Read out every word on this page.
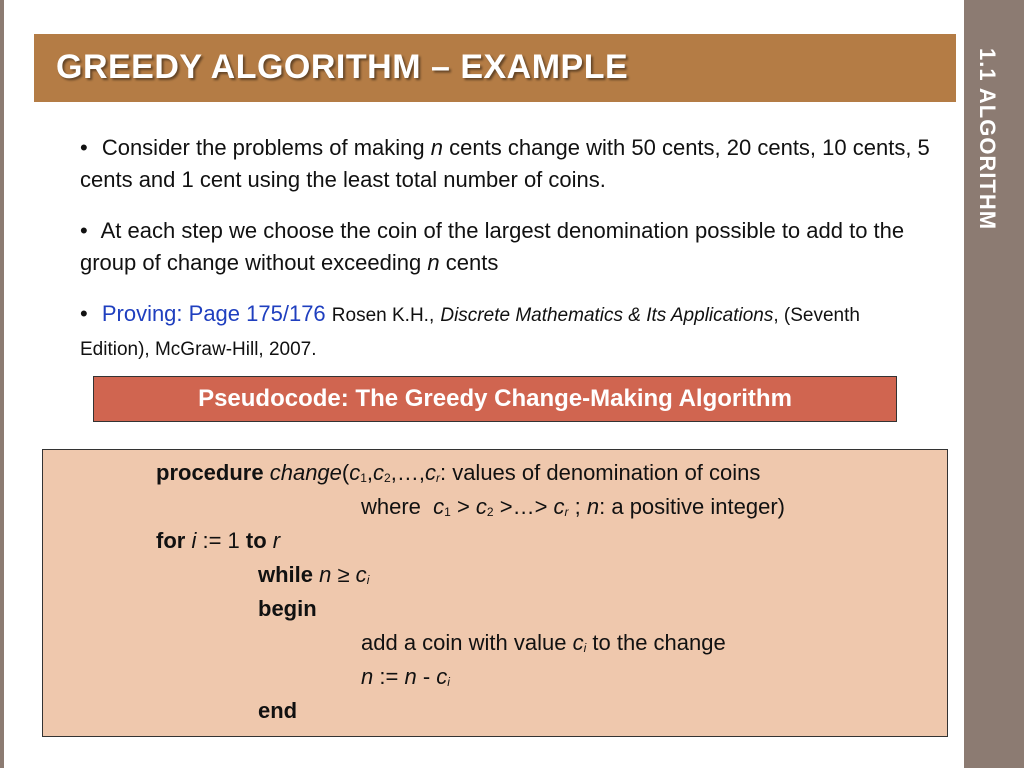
1.1 ALGORITHM
GREEDY ALGORITHM – EXAMPLE

• Consider the problems of making n cents change with 50 cents, 20 cents, 10 cents, 5 cents and 1 cent using the least total number of coins.

• At each step we choose the coin of the largest denomination possible to add to the group of change without exceeding n cents

• Proving: Page 175/176 Rosen K.H., Discrete Mathematics & Its Applications, (Seventh Edition), McGraw-Hill, 2007.

Pseudocode: The Greedy Change-Making Algorithm
procedure $change(c_1,c_2,\dots,c_r$: values of denomination of coins
where $c_1 > c_2$ >…> $c_r$ ; n: a positive integer)
for i := 1 to r
while $n \ge c_i$
begin
add a coin with value $c_i$ to the change
n := n - $c_i$
end
